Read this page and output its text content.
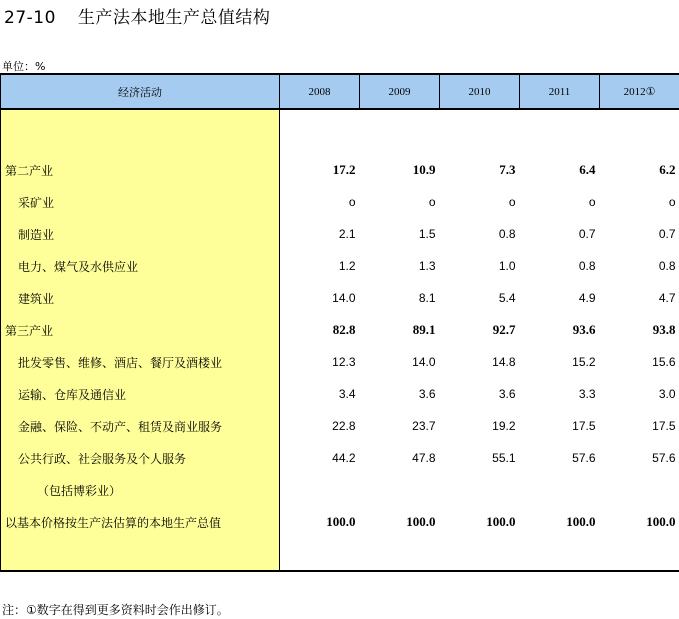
27-10 生产法本地生产总值结构
单位：%
经济活动	2008	2009	2010	2011	2012①

第二产业	17.2	10.9	7.3	6.4	6.2
采矿业	o	o	o	o	o
制造业	2.1	1.5	0.8	0.7	0.7
电力、煤气及水供应业	1.2	1.3	1.0	0.8	0.8
建筑业	14.0	8.1	5.4	4.9	4.7
第三产业	82.8	89.1	92.7	93.6	93.8
批发零售、维修、酒店、餐厅及酒楼业	12.3	14.0	14.8	15.2	15.6
运输、仓库及通信业	3.4	3.6	3.6	3.3	3.0
金融、保险、不动产、租赁及商业服务	22.8	23.7	19.2	17.5	17.5
公共行政、社会服务及个人服务	44.2	47.8	55.1	57.6	57.6
（包括博彩业）					
以基本价格按生产法估算的本地生产总值	100.0	100.0	100.0	100.0	100.0

注：①数字在得到更多资料时会作出修订。
